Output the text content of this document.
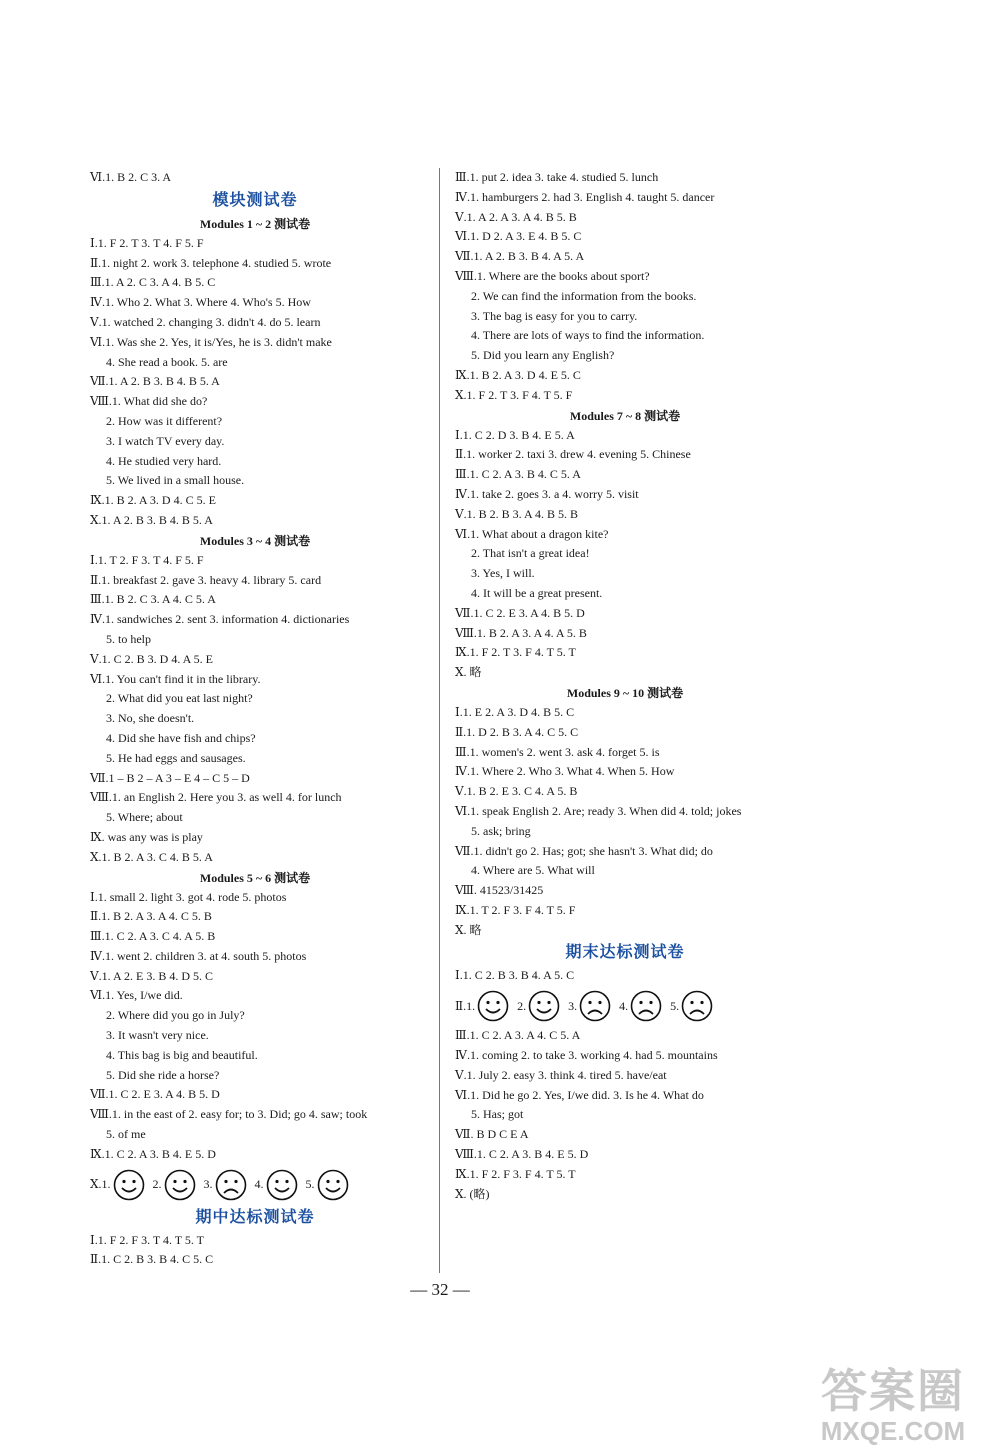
Ⅵ.1. B 2. C 3. A
模块测试卷
Modules 1 ~ 2 测试卷
Ⅰ.1. F 2. T 3. T 4. F 5. F
Ⅱ.1. night 2. work 3. telephone 4. studied 5. wrote
Ⅲ.1. A 2. C 3. A 4. B 5. C
Ⅳ.1. Who 2. What 3. Where 4. Who's 5. How
Ⅴ.1. watched 2. changing 3. didn't 4. do 5. learn
Ⅵ.1. Was she 2. Yes, it is/Yes, he is 3. didn't make
4. She read a book. 5. are
Ⅶ.1. A 2. B 3. B 4. B 5. A
Ⅷ.1. What did she do?
2. How was it different?
3. I watch TV every day.
4. He studied very hard.
5. We lived in a small house.
Ⅸ.1. B 2. A 3. D 4. C 5. E
Ⅹ.1. A 2. B 3. B 4. B 5. A
Modules 3 ~ 4 测试卷
Ⅰ.1. T 2. F 3. T 4. F 5. F
Ⅱ.1. breakfast 2. gave 3. heavy 4. library 5. card
Ⅲ.1. B 2. C 3. A 4. C 5. A
Ⅳ.1. sandwiches 2. sent 3. information 4. dictionaries
5. to help
Ⅴ.1. C 2. B 3. D 4. A 5. E
Ⅵ.1. You can't find it in the library.
2. What did you eat last night?
3. No, she doesn't.
4. Did she have fish and chips?
5. He had eggs and sausages.
Ⅶ.1 – B 2 – A 3 – E 4 – C 5 – D
Ⅷ.1. an English 2. Here you 3. as well 4. for lunch
5. Where; about
Ⅸ. was any was is play
Ⅹ.1. B 2. A 3. C 4. B 5. A
Modules 5 ~ 6 测试卷
Ⅰ.1. small 2. light 3. got 4. rode 5. photos
Ⅱ.1. B 2. A 3. A 4. C 5. B
Ⅲ.1. C 2. A 3. C 4. A 5. B
Ⅳ.1. went 2. children 3. at 4. south 5. photos
Ⅴ.1. A 2. E 3. B 4. D 5. C
Ⅵ.1. Yes, I/we did.
2. Where did you go in July?
3. It wasn't very nice.
4. This bag is big and beautiful.
5. Did she ride a horse?
Ⅶ.1. C 2. E 3. A 4. B 5. D
Ⅷ.1. in the east of 2. easy for; to 3. Did; go 4. saw; took
5. of me
Ⅸ.1. C 2. A 3. B 4. E 5. D
Ⅹ. 1.	2.	3.	4.	5.
期中达标测试卷
Ⅰ.1. F 2. F 3. T 4. T 5. T
Ⅱ.1. C 2. B 3. B 4. C 5. C
Ⅲ.1. put 2. idea 3. take 4. studied 5. lunch
Ⅳ.1. hamburgers 2. had 3. English 4. taught 5. dancer
Ⅴ.1. A 2. A 3. A 4. B 5. B
Ⅵ.1. D 2. A 3. E 4. B 5. C
Ⅶ.1. A 2. B 3. B 4. A 5. A
Ⅷ.1. Where are the books about sport?
2. We can find the information from the books.
3. The bag is easy for you to carry.
4. There are lots of ways to find the information.
5. Did you learn any English?
Ⅸ.1. B 2. A 3. D 4. E 5. C
Ⅹ.1. F 2. T 3. F 4. T 5. F
Modules 7 ~ 8 测试卷
Ⅰ.1. C 2. D 3. B 4. E 5. A
Ⅱ.1. worker 2. taxi 3. drew 4. evening 5. Chinese
Ⅲ.1. C 2. A 3. B 4. C 5. A
Ⅳ.1. take 2. goes 3. a 4. worry 5. visit
Ⅴ.1. B 2. B 3. A 4. B 5. B
Ⅵ.1. What about a dragon kite?
2. That isn't a great idea!
3. Yes, I will.
4. It will be a great present.
Ⅶ.1. C 2. E 3. A 4. B 5. D
Ⅷ.1. B 2. A 3. A 4. A 5. B
Ⅸ.1. F 2. T 3. F 4. T 5. T
Ⅹ. 略
Modules 9 ~ 10 测试卷
Ⅰ.1. E 2. A 3. D 4. B 5. C
Ⅱ.1. D 2. B 3. A 4. C 5. C
Ⅲ.1. women's 2. went 3. ask 4. forget 5. is
Ⅳ.1. Where 2. Who 3. What 4. When 5. How
Ⅴ.1. B 2. E 3. C 4. A 5. B
Ⅵ.1. speak English 2. Are; ready 3. When did 4. told; jokes
5. ask; bring
Ⅶ.1. didn't go 2. Has; got; she hasn't 3. What did; do
4. Where are 5. What will
Ⅷ. 41523/31425
Ⅸ.1. T 2. F 3. F 4. T 5. F
Ⅹ. 略
期末达标测试卷
Ⅰ.1. C 2. B 3. B 4. A 5. C
Ⅱ. 1.	2.	3.	4.	5.
Ⅲ.1. C 2. A 3. A 4. C 5. A
Ⅳ.1. coming 2. to take 3. working 4. had 5. mountains
Ⅴ.1. July 2. easy 3. think 4. tired 5. have/eat
Ⅵ.1. Did he go 2. Yes, I/we did. 3. Is he 4. What do
5. Has; got
Ⅶ. B D C E A
Ⅷ.1. C 2. A 3. B 4. E 5. D
Ⅸ.1. F 2. F 3. F 4. T 5. T
Ⅹ. (略)
— 32 —
答案圈
MXQE.COM
